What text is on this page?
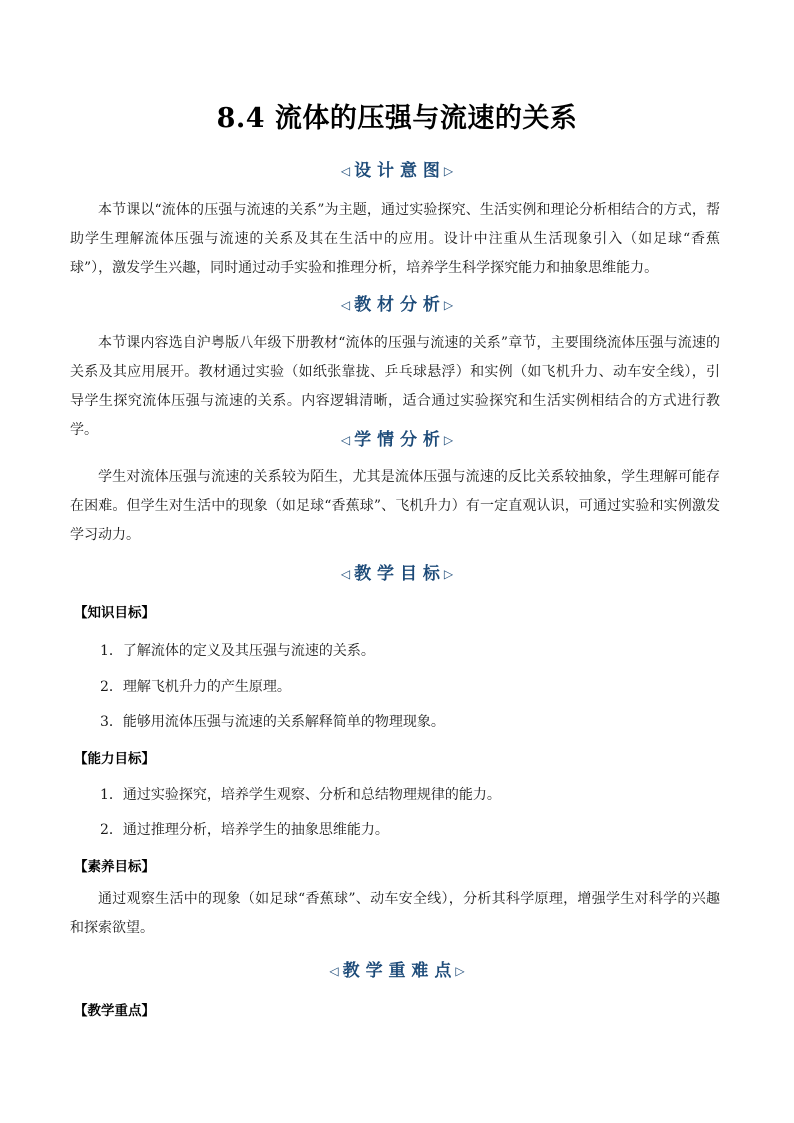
8.4 流体的压强与流速的关系
◁ 设 计 意 图 ▷
本节课以“流体的压强与流速的关系”为主题，通过实验探究、生活实例和理论分析相结合的方式，帮助学生理解流体压强与流速的关系及其在生活中的应用。设计中注重从生活现象引入（如足球“香蕉球”），激发学生兴趣，同时通过动手实验和推理分析，培养学生科学探究能力和抽象思维能力。
◁ 教 材 分 析 ▷
本节课内容选自沪粤版八年级下册教材“流体的压强与流速的关系”章节，主要围绕流体压强与流速的关系及其应用展开。教材通过实验（如纸张靠拢、乒乓球悬浮）和实例（如飞机升力、动车安全线），引导学生探究流体压强与流速的关系。内容逻辑清晰，适合通过实验探究和生活实例相结合的方式进行教学。
◁ 学 情 分 析 ▷
学生对流体压强与流速的关系较为陌生，尤其是流体压强与流速的反比关系较抽象，学生理解可能存在困难。但学生对生活中的现象（如足球“香蕉球”、飞机升力）有一定直观认识，可通过实验和实例激发学习动力。
◁ 教 学 目 标 ▷
【知识目标】
1．了解流体的定义及其压强与流速的关系。
2．理解飞机升力的产生原理。
3．能够用流体压强与流速的关系解释简单的物理现象。
【能力目标】
1．通过实验探究，培养学生观察、分析和总结物理规律的能力。
2．通过推理分析，培养学生的抽象思维能力。
【素养目标】
通过观察生活中的现象（如足球“香蕉球”、动车安全线），分析其科学原理，增强学生对科学的兴趣和探索欲望。
◁ 教 学 重 难 点 ▷
【教学重点】
